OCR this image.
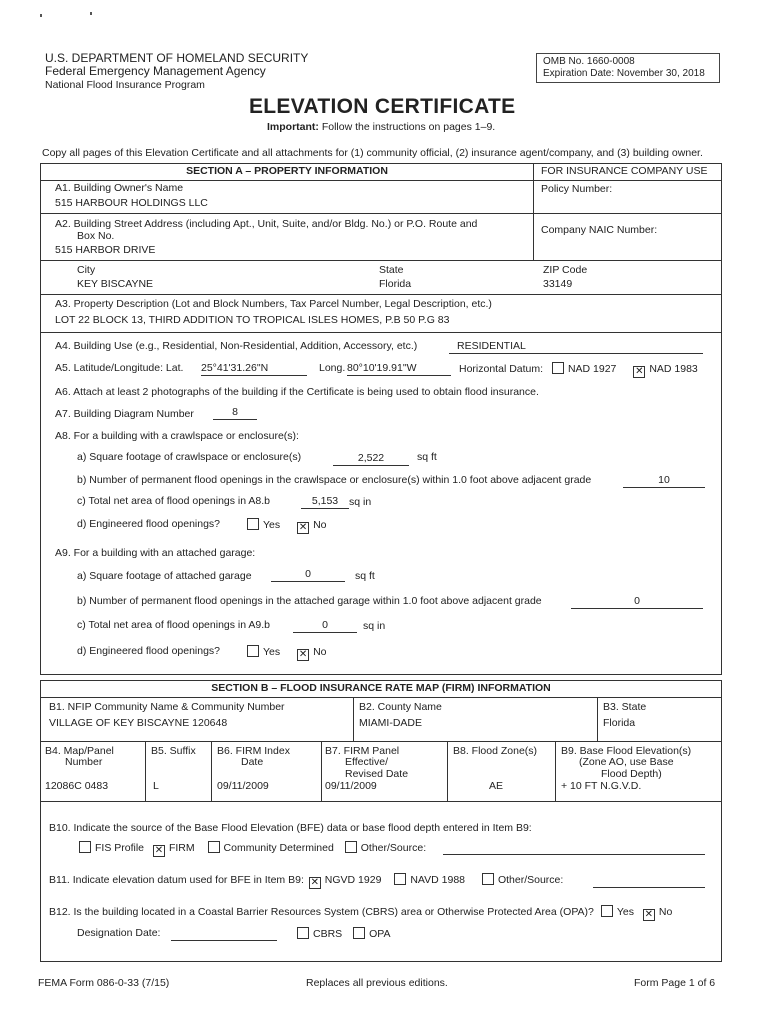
U.S. DEPARTMENT OF HOMELAND SECURITY
Federal Emergency Management Agency
National Flood Insurance Program
OMB No. 1660-0008
Expiration Date: November 30, 2018
ELEVATION CERTIFICATE
Important: Follow the instructions on pages 1–9.
Copy all pages of this Elevation Certificate and all attachments for (1) community official, (2) insurance agent/company, and (3) building owner.
SECTION A – PROPERTY INFORMATION	FOR INSURANCE COMPANY USE
A1. Building Owner's Name
515 HARBOUR HOLDINGS LLC
Policy Number:
A2. Building Street Address (including Apt., Unit, Suite, and/or Bldg. No.) or P.O. Route and
Box No.
515 HARBOR DRIVE
Company NAIC Number:
City
KEY BISCAYNE
State
Florida
ZIP Code
33149
A3. Property Description (Lot and Block Numbers, Tax Parcel Number, Legal Description, etc.)
LOT 22 BLOCK 13, THIRD ADDITION TO TROPICAL ISLES HOMES, P.B 50 P.G 83
A4. Building Use (e.g., Residential, Non-Residential, Addition, Accessory, etc.)	RESIDENTIAL
A5. Latitude/Longitude: Lat. 25°41'31.26"N	Long. 80°10'19.91"W	Horizontal Datum: NAD 1927 ✕ NAD 1983
A6. Attach at least 2 photographs of the building if the Certificate is being used to obtain flood insurance.
A7. Building Diagram Number	8
A8. For a building with a crawlspace or enclosure(s):
a) Square footage of crawlspace or enclosure(s)	2,522	sq ft
b) Number of permanent flood openings in the crawlspace or enclosure(s) within 1.0 foot above adjacent grade	10
c) Total net area of flood openings in A8.b	5,153	sq in
d) Engineered flood openings?	Yes ✕ No
A9. For a building with an attached garage:
a) Square footage of attached garage	0	sq ft
b) Number of permanent flood openings in the attached garage within 1.0 foot above adjacent grade	0
c) Total net area of flood openings in A9.b	0	sq in
d) Engineered flood openings?	Yes ✕ No
SECTION B – FLOOD INSURANCE RATE MAP (FIRM) INFORMATION
B1. NFIP Community Name & Community Number
VILLAGE OF KEY BISCAYNE 120648
B2. County Name
MIAMI-DADE
B3. State
Florida
B4. Map/Panel
Number
12086C 0483
B5. Suffix
L
B6. FIRM Index
Date
09/11/2009
B7. FIRM Panel
Effective/
Revised Date
09/11/2009
B8. Flood Zone(s)
AE
B9. Base Flood Elevation(s)
(Zone AO, use Base
Flood Depth)
+ 10 FT N.G.V.D.
B10. Indicate the source of the Base Flood Elevation (BFE) data or base flood depth entered in Item B9:
FIS Profile ✕ FIRM	Community Determined	Other/Source:
B11. Indicate elevation datum used for BFE in Item B9: ✕ NGVD 1929	NAVD 1988	Other/Source:
B12. Is the building located in a Coastal Barrier Resources System (CBRS) area or Otherwise Protected Area (OPA)? Yes ✕ No
Designation Date:	CBRS	OPA
FEMA Form 086-0-33 (7/15)	Replaces all previous editions.	Form Page 1 of 6
